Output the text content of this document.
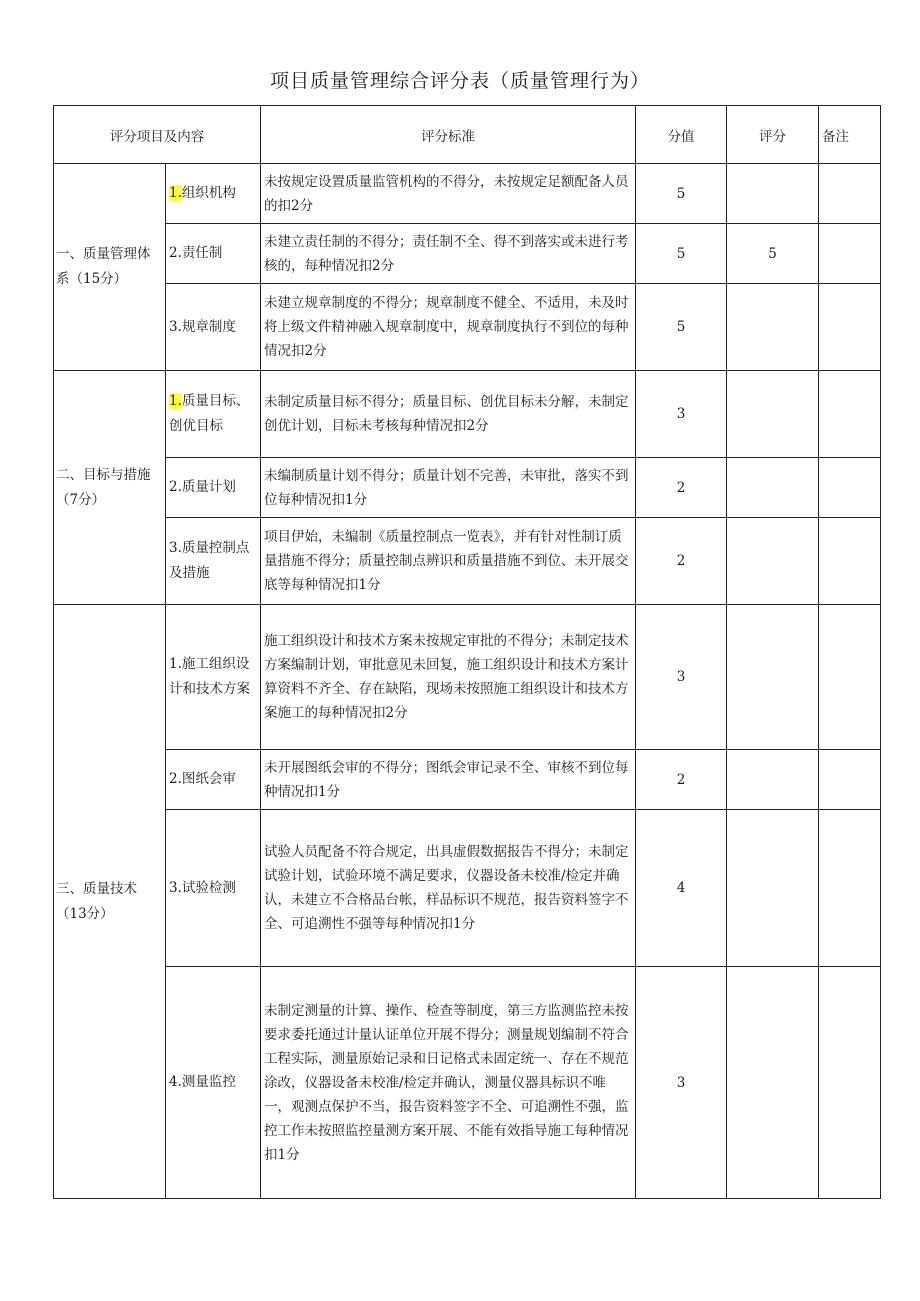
项目质量管理综合评分表（质量管理行为）
评分项目及内容		评分标准	分值	评分	备注
一、质量管理体系（15分）	1.组织机构	未按规定设置质量监管机构的不得分，未按规定足额配备人员的扣2分	5		
	2.责任制	未建立责任制的不得分；责任制不全、得不到落实或未进行考核的，每种情况扣2分	5	5	
	3.规章制度	未建立规章制度的不得分；规章制度不健全、不适用，未及时将上级文件精神融入规章制度中，规章制度执行不到位的每种情况扣2分	5		
二、目标与措施（7分）	1.质量目标、创优目标	未制定质量目标不得分；质量目标、创优目标未分解，未制定创优计划，目标未考核每种情况扣2分	3		
	2.质量计划	未编制质量计划不得分；质量计划不完善，未审批，落实不到位每种情况扣1分	2		
	3.质量控制点及措施	项目伊始，未编制《质量控制点一览表》，并有针对性制订质量措施不得分；质量控制点辨识和质量措施不到位、未开展交底等每种情况扣1分	2		
三、质量技术（13分）	1.施工组织设计和技术方案	施工组织设计和技术方案未按规定审批的不得分；未制定技术方案编制计划，审批意见未回复，施工组织设计和技术方案计算资料不齐全、存在缺陷，现场未按照施工组织设计和技术方案施工的每种情况扣2分	3		
	2.图纸会审	未开展图纸会审的不得分；图纸会审记录不全、审核不到位每种情况扣1分	2		
	3.试验检测	试验人员配备不符合规定，出具虚假数据报告不得分；未制定试验计划，试验环境不满足要求，仪器设备未校准/检定并确认，未建立不合格品台帐，样品标识不规范，报告资料签字不全、可追溯性不强等每种情况扣1分	4		
	4.测量监控	未制定测量的计算、操作、检查等制度，第三方监测监控未按要求委托通过计量认证单位开展不得分；测量规划编制不符合工程实际，测量原始记录和日记格式未固定统一、存在不规范涂改，仪器设备未校准/检定并确认，测量仪器具标识不唯一，观测点保护不当，报告资料签字不全、可追溯性不强，监控工作未按照监控量测方案开展、不能有效指导施工每种情况扣1分	3		
